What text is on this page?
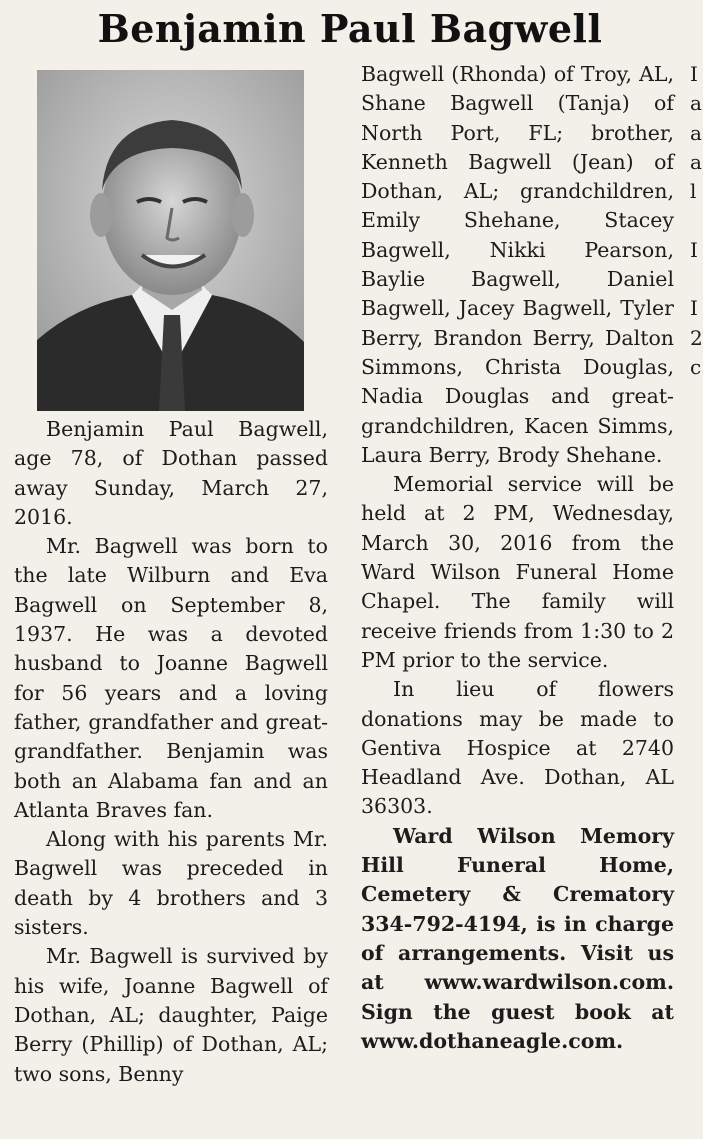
Benjamin Paul Bagwell

Benjamin Paul Bagwell, age 78, of Dothan passed away Sunday, March 27, 2016.

Mr. Bagwell was born to the late Wilburn and Eva Bagwell on September 8, 1937. He was a devoted husband to Joanne Bagwell for 56 years and a loving father, grandfather and great-grandfather. Benjamin was both an Alabama fan and an Atlanta Braves fan.

Along with his parents Mr. Bagwell was preceded in death by 4 brothers and 3 sisters.

Mr. Bagwell is survived by his wife, Joanne Bagwell of Dothan, AL; daughter, Paige Berry (Phillip) of Dothan, AL; two sons, Benny

Bagwell (Rhonda) of Troy, AL, Shane Bagwell (Tanja) of North Port, FL; brother, Kenneth Bagwell (Jean) of Dothan, AL; grandchildren, Emily Shehane, Stacey Bagwell, Nikki Pearson, Baylie Bagwell, Daniel Bagwell, Jacey Bagwell, Tyler Berry, Brandon Berry, Dalton Simmons, Christa Douglas, Nadia Douglas and great-grandchildren, Kacen Simms, Laura Berry, Brody Shehane.

Memorial service will be held at 2 PM, Wednesday, March 30, 2016 from the Ward Wilson Funeral Home Chapel. The family will receive friends from 1:30 to 2 PM prior to the service.

In lieu of flowers donations may be made to Gentiva Hospice at 2740 Headland Ave. Dothan, AL 36303.

Ward Wilson Memory Hill Funeral Home, Cemetery & Crematory 334-792-4194, is in charge of arrangements. Visit us at www.wardwilson.com. Sign the guest book at www.dothaneagle.com.

I
a
a
a
l
I
I
2
c
